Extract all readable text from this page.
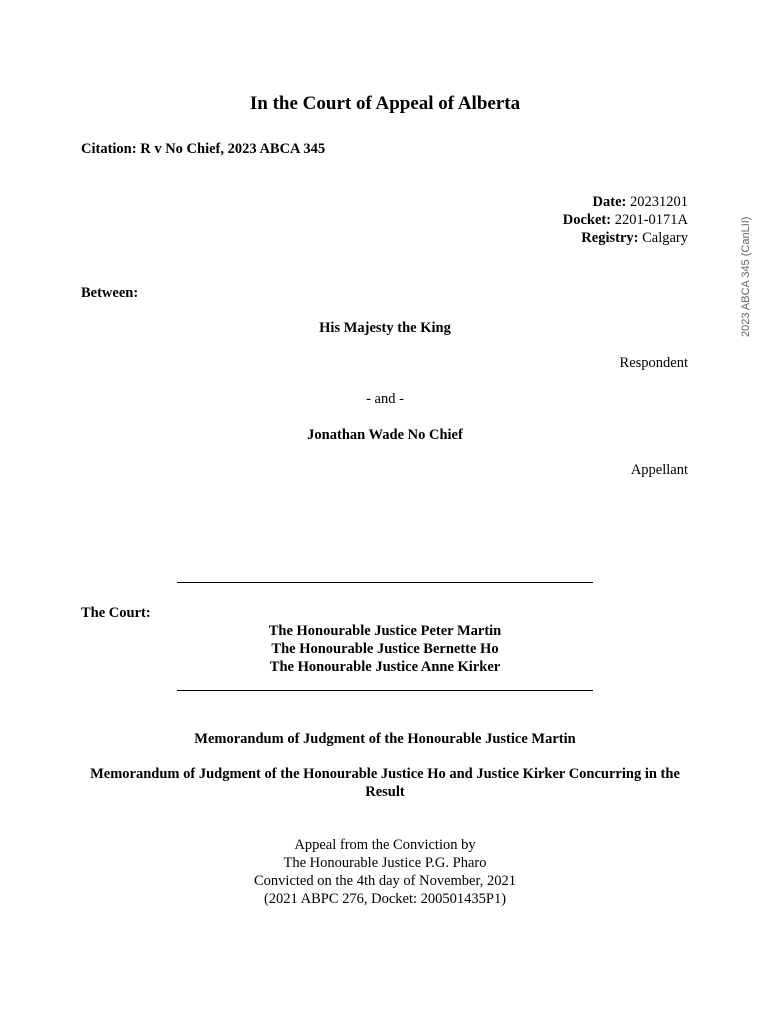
In the Court of Appeal of Alberta
Citation: R v No Chief, 2023 ABCA 345
Date: 20231201
Docket: 2201-0171A
Registry: Calgary	2023 ABCA 345 (CanLII)
Between:
His Majesty the King
Respondent
- and -
Jonathan Wade No Chief
Appellant
The Court:
The Honourable Justice Peter Martin
The Honourable Justice Bernette Ho
The Honourable Justice Anne Kirker
Memorandum of Judgment of the Honourable Justice Martin
Memorandum of Judgment of the Honourable Justice Ho and Justice Kirker Concurring in the Result
Appeal from the Conviction by
The Honourable Justice P.G. Pharo
Convicted on the 4th day of November, 2021
(2021 ABPC 276, Docket: 200501435P1)
